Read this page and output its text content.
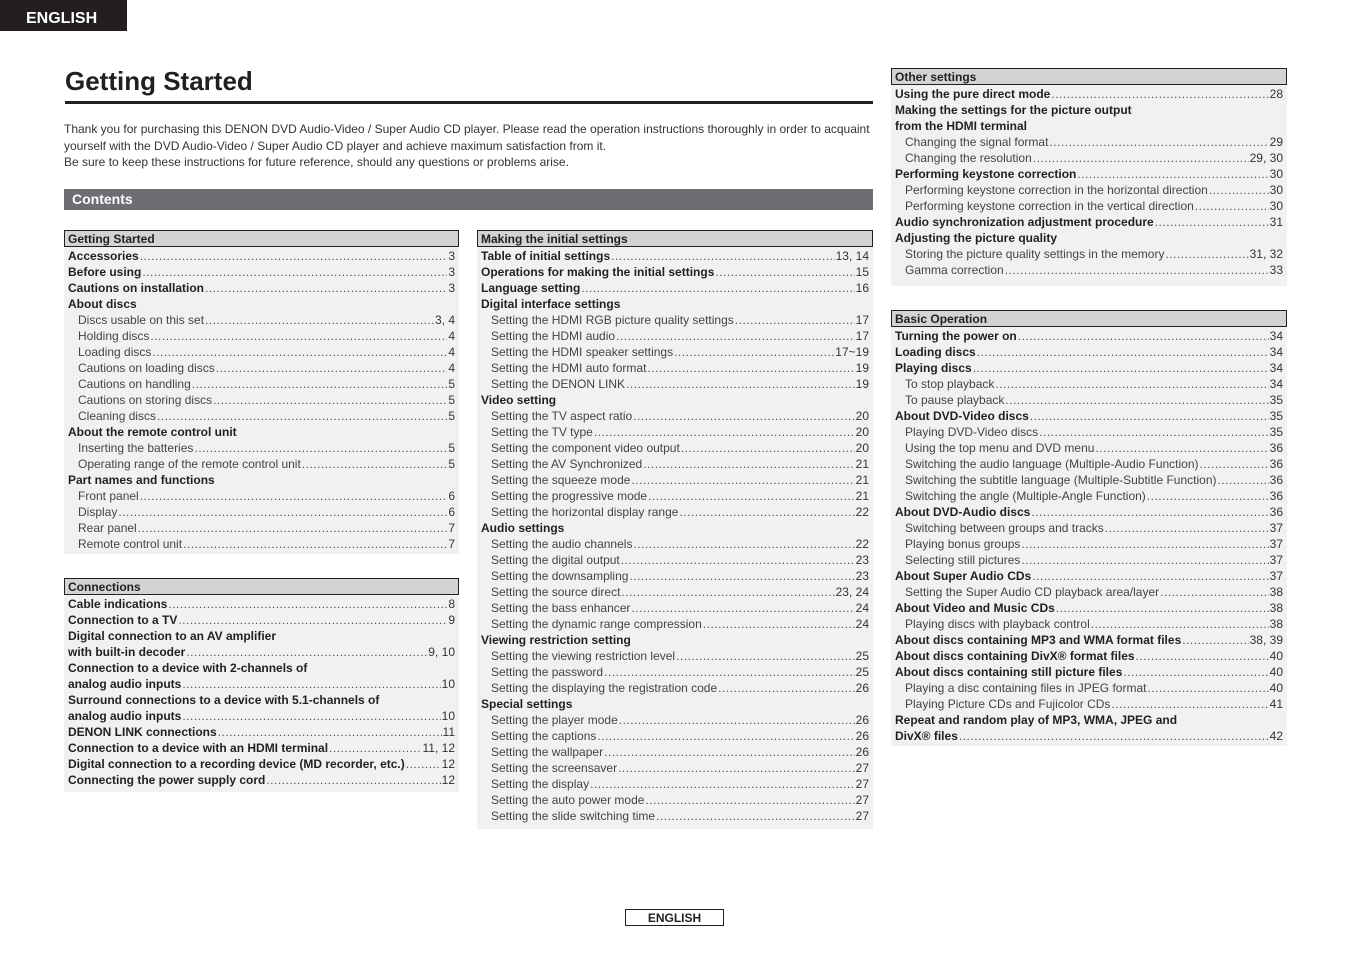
ENGLISH
Getting Started

Thank you for purchasing this DENON DVD Audio-Video / Super Audio CD player. Please read the operation instructions thoroughly in order to acquaint yourself with the DVD Audio-Video / Super Audio CD player and achieve maximum satisfaction from it.

Be sure to keep these instructions for future reference, should any questions or problems arise.

Contents
Getting Started
Accessories .....	3
Before using .....	3
Cautions on installation .....	3
About discs
Discs usable on this set .....	3, 4
Holding discs .....	4
Loading discs .....	4
Cautions on loading discs .....	4
Cautions on handling .....	5
Cautions on storing discs .....	5
Cleaning discs .....	5
About the remote control unit
Inserting the batteries .....	5
Operating range of the remote control unit .....	5
Part names and functions
Front panel .....	6
Display .....	6
Rear panel .....	7
Remote control unit .....	7
Connections
Cable indications .....	8
Connection to a TV .....	9
Digital connection to an AV amplifier
with built-in decoder .....	9, 10
Connection to a device with 2-channels of
analog audio inputs .....	10
Surround connections to a device with 5.1-channels of
analog audio inputs .....	10
DENON LINK connections .....	11
Connection to a device with an HDMI terminal .....	11, 12
Digital connection to a recording device (MD recorder, etc.) .....	12
Connecting the power supply cord .....	12
Making the initial settings
Table of initial settings .....	13, 14
Operations for making the initial settings .....	15
Language setting .....	16
Digital interface settings
Setting the HDMI RGB picture quality settings .....	17
Setting the HDMI audio .....	17
Setting the HDMI speaker settings .....	17~19
Setting the HDMI auto format .....	19
Setting the DENON LINK .....	19
Video setting
Setting the TV aspect ratio .....	20
Setting the TV type .....	20
Setting the component video output .....	20
Setting the AV Synchronized .....	21
Setting the squeeze mode .....	21
Setting the progressive mode .....	21
Setting the horizontal display range .....	22
Audio settings
Setting the audio channels .....	22
Setting the digital output .....	23
Setting the downsampling .....	23
Setting the source direct .....	23, 24
Setting the bass enhancer .....	24
Setting the dynamic range compression .....	24
Viewing restriction setting
Setting the viewing restriction level .....	25
Setting the password .....	25
Setting the displaying the registration code .....	26
Special settings
Setting the player mode .....	26
Setting the captions .....	26
Setting the wallpaper .....	26
Setting the screensaver .....	27
Setting the display .....	27
Setting the auto power mode .....	27
Setting the slide switching time .....	27
Other settings
Using the pure direct mode .....	28
Making the settings for the picture output
from the HDMI terminal
Changing the signal format .....	29
Changing the resolution .....	29, 30
Performing keystone correction .....	30
Performing keystone correction in the horizontal direction .....	30
Performing keystone correction in the vertical direction .....	30
Audio synchronization adjustment procedure .....	31
Adjusting the picture quality
Storing the picture quality settings in the memory .....	31, 32
Gamma correction .....	33
Basic Operation
Turning the power on .....	34
Loading discs .....	34
Playing discs .....	34
To stop playback .....	34
To pause playback .....	35
About DVD-Video discs .....	35
Playing DVD-Video discs .....	35
Using the top menu and DVD menu .....	36
Switching the audio language (Multiple-Audio Function) .....	36
Switching the subtitle language (Multiple-Subtitle Function) .....	36
Switching the angle (Multiple-Angle Function) .....	36
About DVD-Audio discs .....	36
Switching between groups and tracks .....	37
Playing bonus groups .....	37
Selecting still pictures .....	37
About Super Audio CDs .....	37
Setting the Super Audio CD playback area/layer .....	38
About Video and Music CDs .....	38
Playing discs with playback control .....	38
About discs containing MP3 and WMA format files .....	38, 39
About discs containing DivX® format files .....	40
About discs containing still picture files .....	40
Playing a disc containing files in JPEG format .....	40
Playing Picture CDs and Fujicolor CDs .....	41
Repeat and random play of MP3, WMA, JPEG and
DivX® files .....	42
ENGLISH
